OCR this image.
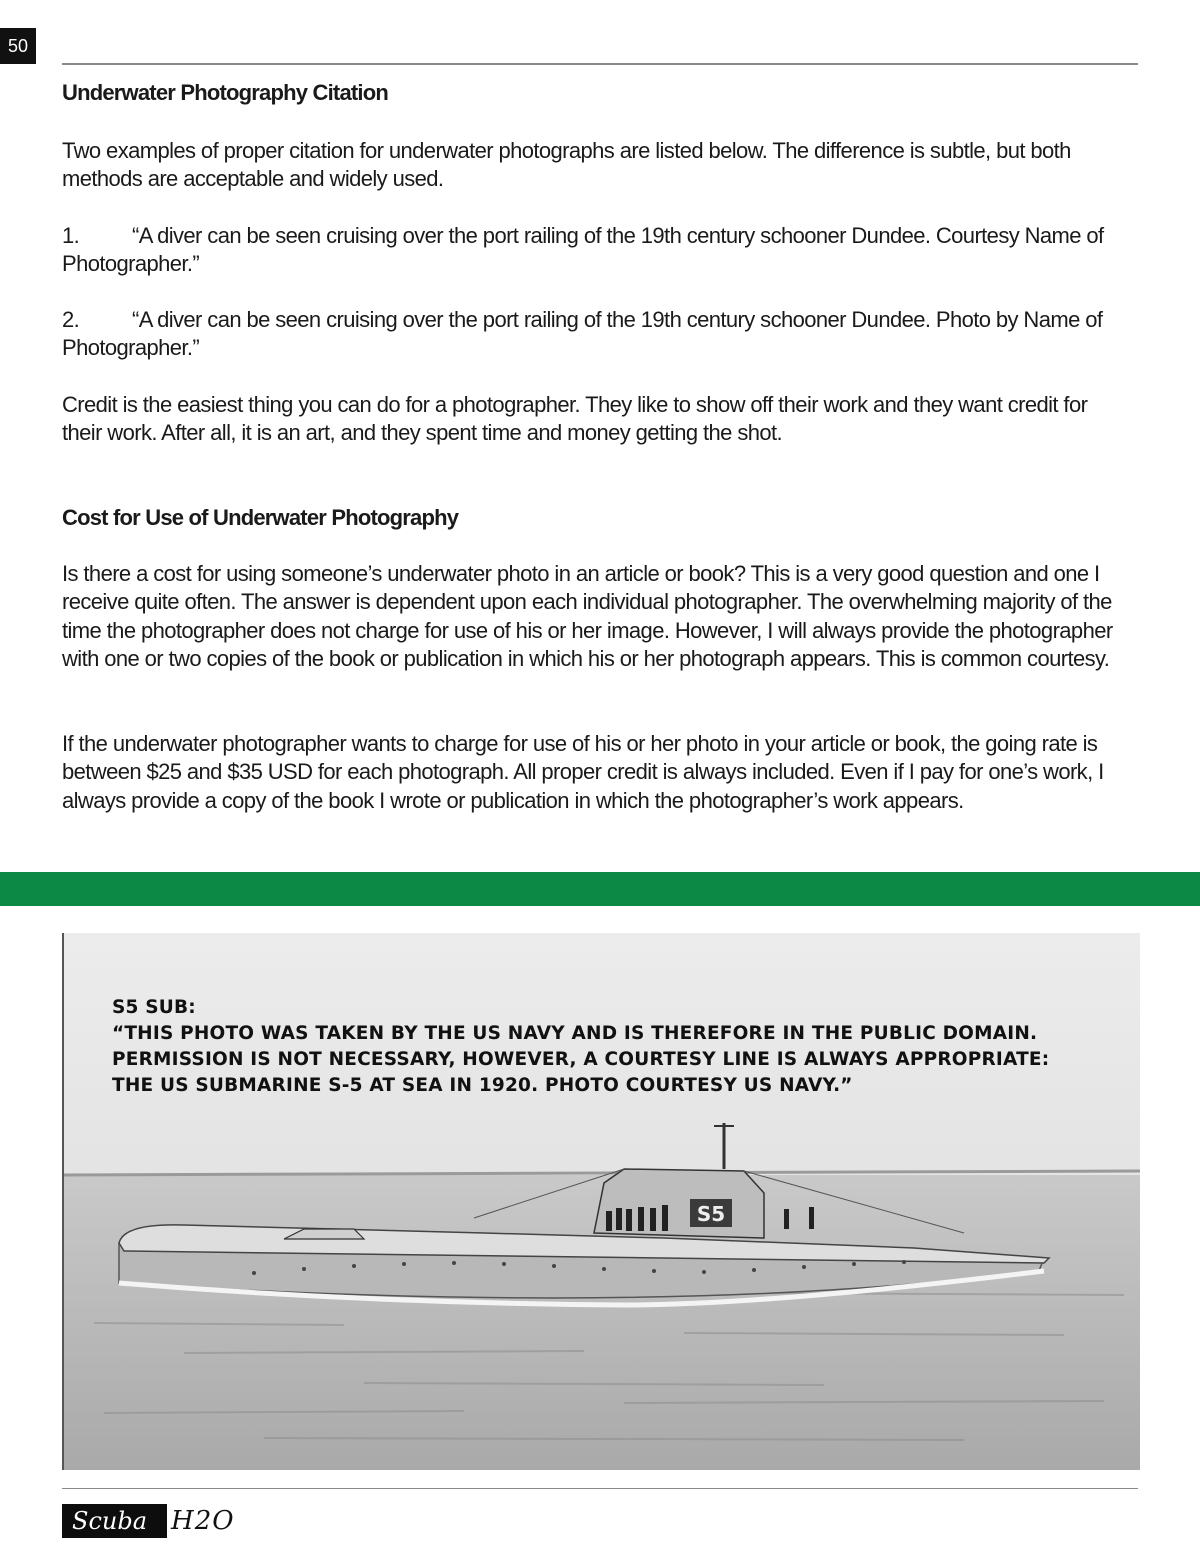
50
Underwater Photography Citation

Two examples of proper citation for underwater photographs are listed below. The difference is subtle, but both methods are acceptable and widely used.

1. “A diver can be seen cruising over the port railing of the 19th century schooner Dundee. Courtesy Name of Photographer.”

2. “A diver can be seen cruising over the port railing of the 19th century schooner Dundee. Photo by Name of Photographer.”

Credit is the easiest thing you can do for a photographer. They like to show off their work and they want credit for their work. After all, it is an art, and they spent time and money getting the shot.

Cost for Use of Underwater Photography

Is there a cost for using someone’s underwater photo in an article or book? This is a very good question and one I receive quite often. The answer is dependent upon each individual photographer. The overwhelming majority of the time the photographer does not charge for use of his or her image. However, I will always provide the photographer with one or two copies of the book or publication in which his or her photograph appears. This is common courtesy.

If the underwater photographer wants to charge for use of his or her photo in your article or book, the going rate is between $25 and $35 USD for each photograph. All proper credit is always included. Even if I pay for one’s work, I always provide a copy of the book I wrote or publication in which the photographer’s work appears.

S5
S5 SUB:
“THIS PHOTO WAS TAKEN BY THE US NAVY AND IS THEREFORE IN THE PUBLIC DOMAIN. PERMISSION IS NOT NECESSARY, HOWEVER, A COURTESY LINE IS ALWAYS APPROPRIATE: THE US SUBMARINE S-5 AT SEA IN 1920. PHOTO COURTESY US NAVY.”
Scuba H2O
